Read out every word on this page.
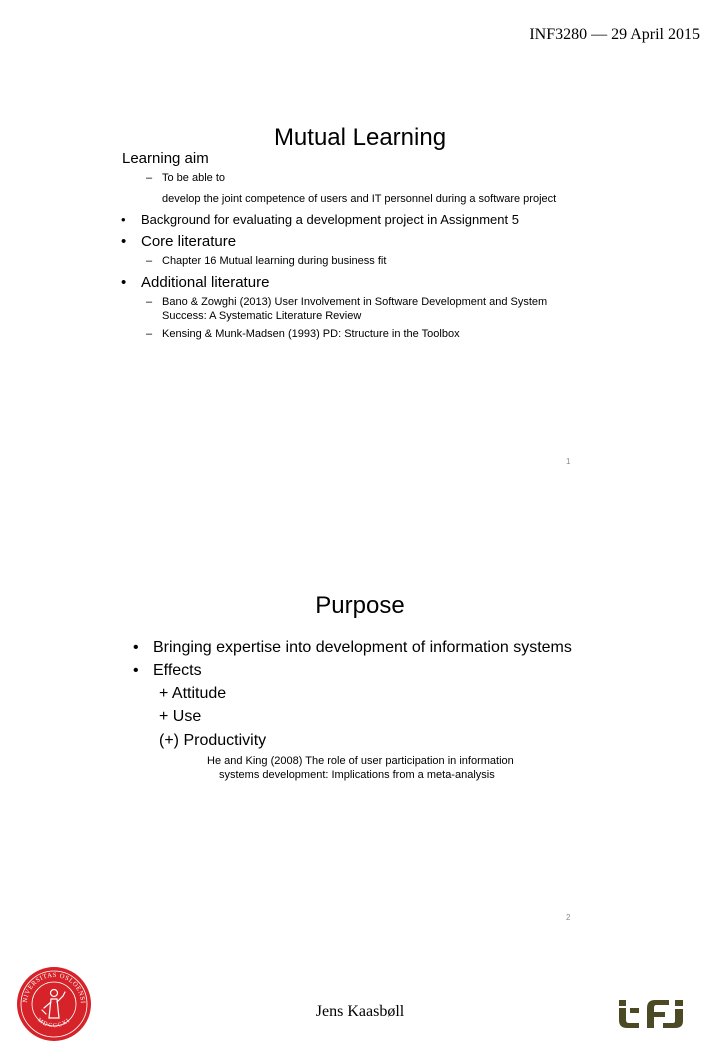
INF3280 — 29 April 2015
Mutual Learning
Learning aim
– To be able to
develop the joint competence of users and IT personnel during a software project
• Background for evaluating a development project in Assignment 5
• Core literature
– Chapter 16 Mutual learning during business fit
• Additional literature
– Bano & Zowghi (2013) User Involvement in Software Development and System
Success: A Systematic Literature Review
– Kensing & Munk-Madsen (1993) PD: Structure in the Toolbox
1
Purpose
• Bringing expertise into development of information systems
• Effects
+ Attitude
+ Use
(+) Productivity
He and King (2008) The role of user participation in information
systems development: Implications from a meta-analysis
2
NIVERSITAS OSLOENSI
MDCCCXI
Jens Kaasbøll
